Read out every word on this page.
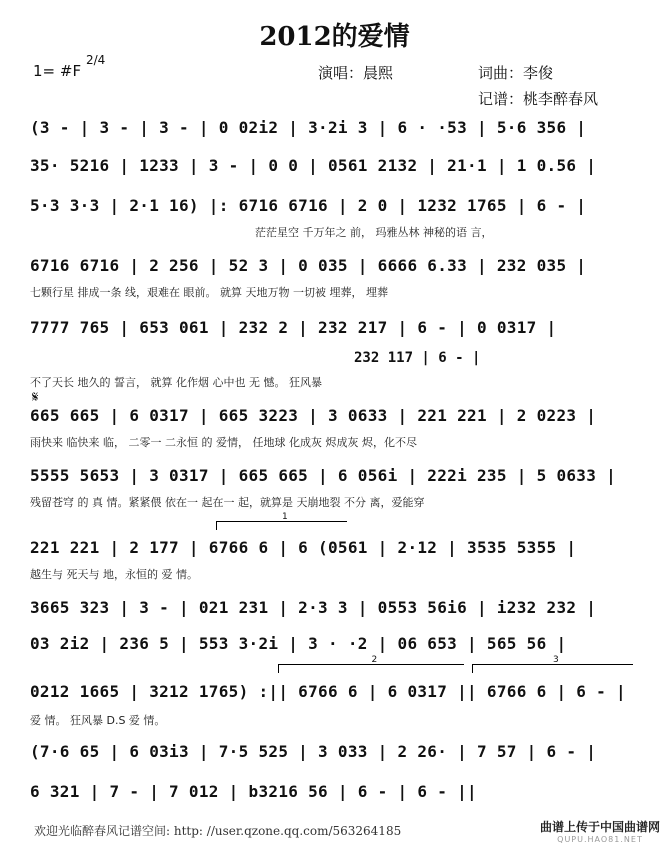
2012的爱情
1= #F
2/4
演唱：晨熙	词曲：李俊
记谱：桃李醉春风
(3 - | 3 - | 3 - | 0 02i2 | 3·2i 3 | 6 · ·53 | 5·6 356 |
35· 5216 | 1233 | 3 - | 0 0 | 0561 2132 | 21·1 | 1 0.56 |
5·3 3·3 | 2·1 16) |: 6716 6716 | 2 0 | 1232 1765 | 6 - |
茫茫星空 千万年之 前， 玛雅丛林 神秘的语 言，
6716 6716 | 2 256 | 52 3 | 0 035 | 6666 6.33 | 232 035 |
七颗行星 排成一条 线，艰难在 眼前。 就算 天地万物 一切被 埋葬， 埋葬
7777 765 | 653 061 | 232 2 | 232 217 | 6 - | 0 0317 |
232 117 | 6 - |
不了天长 地久的 誓言， 就算 化作烟 心中也 无 憾。 狂风暴
𝄋
665 665 | 6 0317 | 665 3223 | 3 0633 | 221 221 | 2 0223 |
雨快来 临快来 临， 二零一 二永恒 的 爱情， 任地球 化成灰 烬成灰 烬，化不尽
5555 5653 | 3 0317 | 665 665 | 6 056i | 222i 235 | 5 0633 |
残留苍穹 的 真 情。紧紧偎 依在一 起在一 起，就算是 天崩地裂 不分 离，爱能穿
1
221 221 | 2 177 | 6766 6 | 6 (0561 | 2·12 | 3535 5355 |
越生与 死天与 地，永恒的 爱 情。
3665 323 | 3 - | 021 231 | 2·3 3 | 0553 56i6 | i232 232 |
03 2i2 | 236 5 | 553 3·2i | 3 · ·2 | 06 653 | 565 56 |
2	3
0212 1665 | 3212 1765) :|| 6766 6 | 6 0317 || 6766 6 | 6 - |
爱 情。 狂风暴 D.S 爱 情。
(7·6 65 | 6 03i3 | 7·5 525 | 3 033 | 2 26· | 7 57 | 6 - |
6 321 | 7 - | 7 012 | b3216 56 | 6 - | 6 - ||
欢迎光临醉春风记谱空间: http: //user.qzone.qq.com/563264185	曲谱上传于中国曲谱网
QUPU.HAO81.NET
